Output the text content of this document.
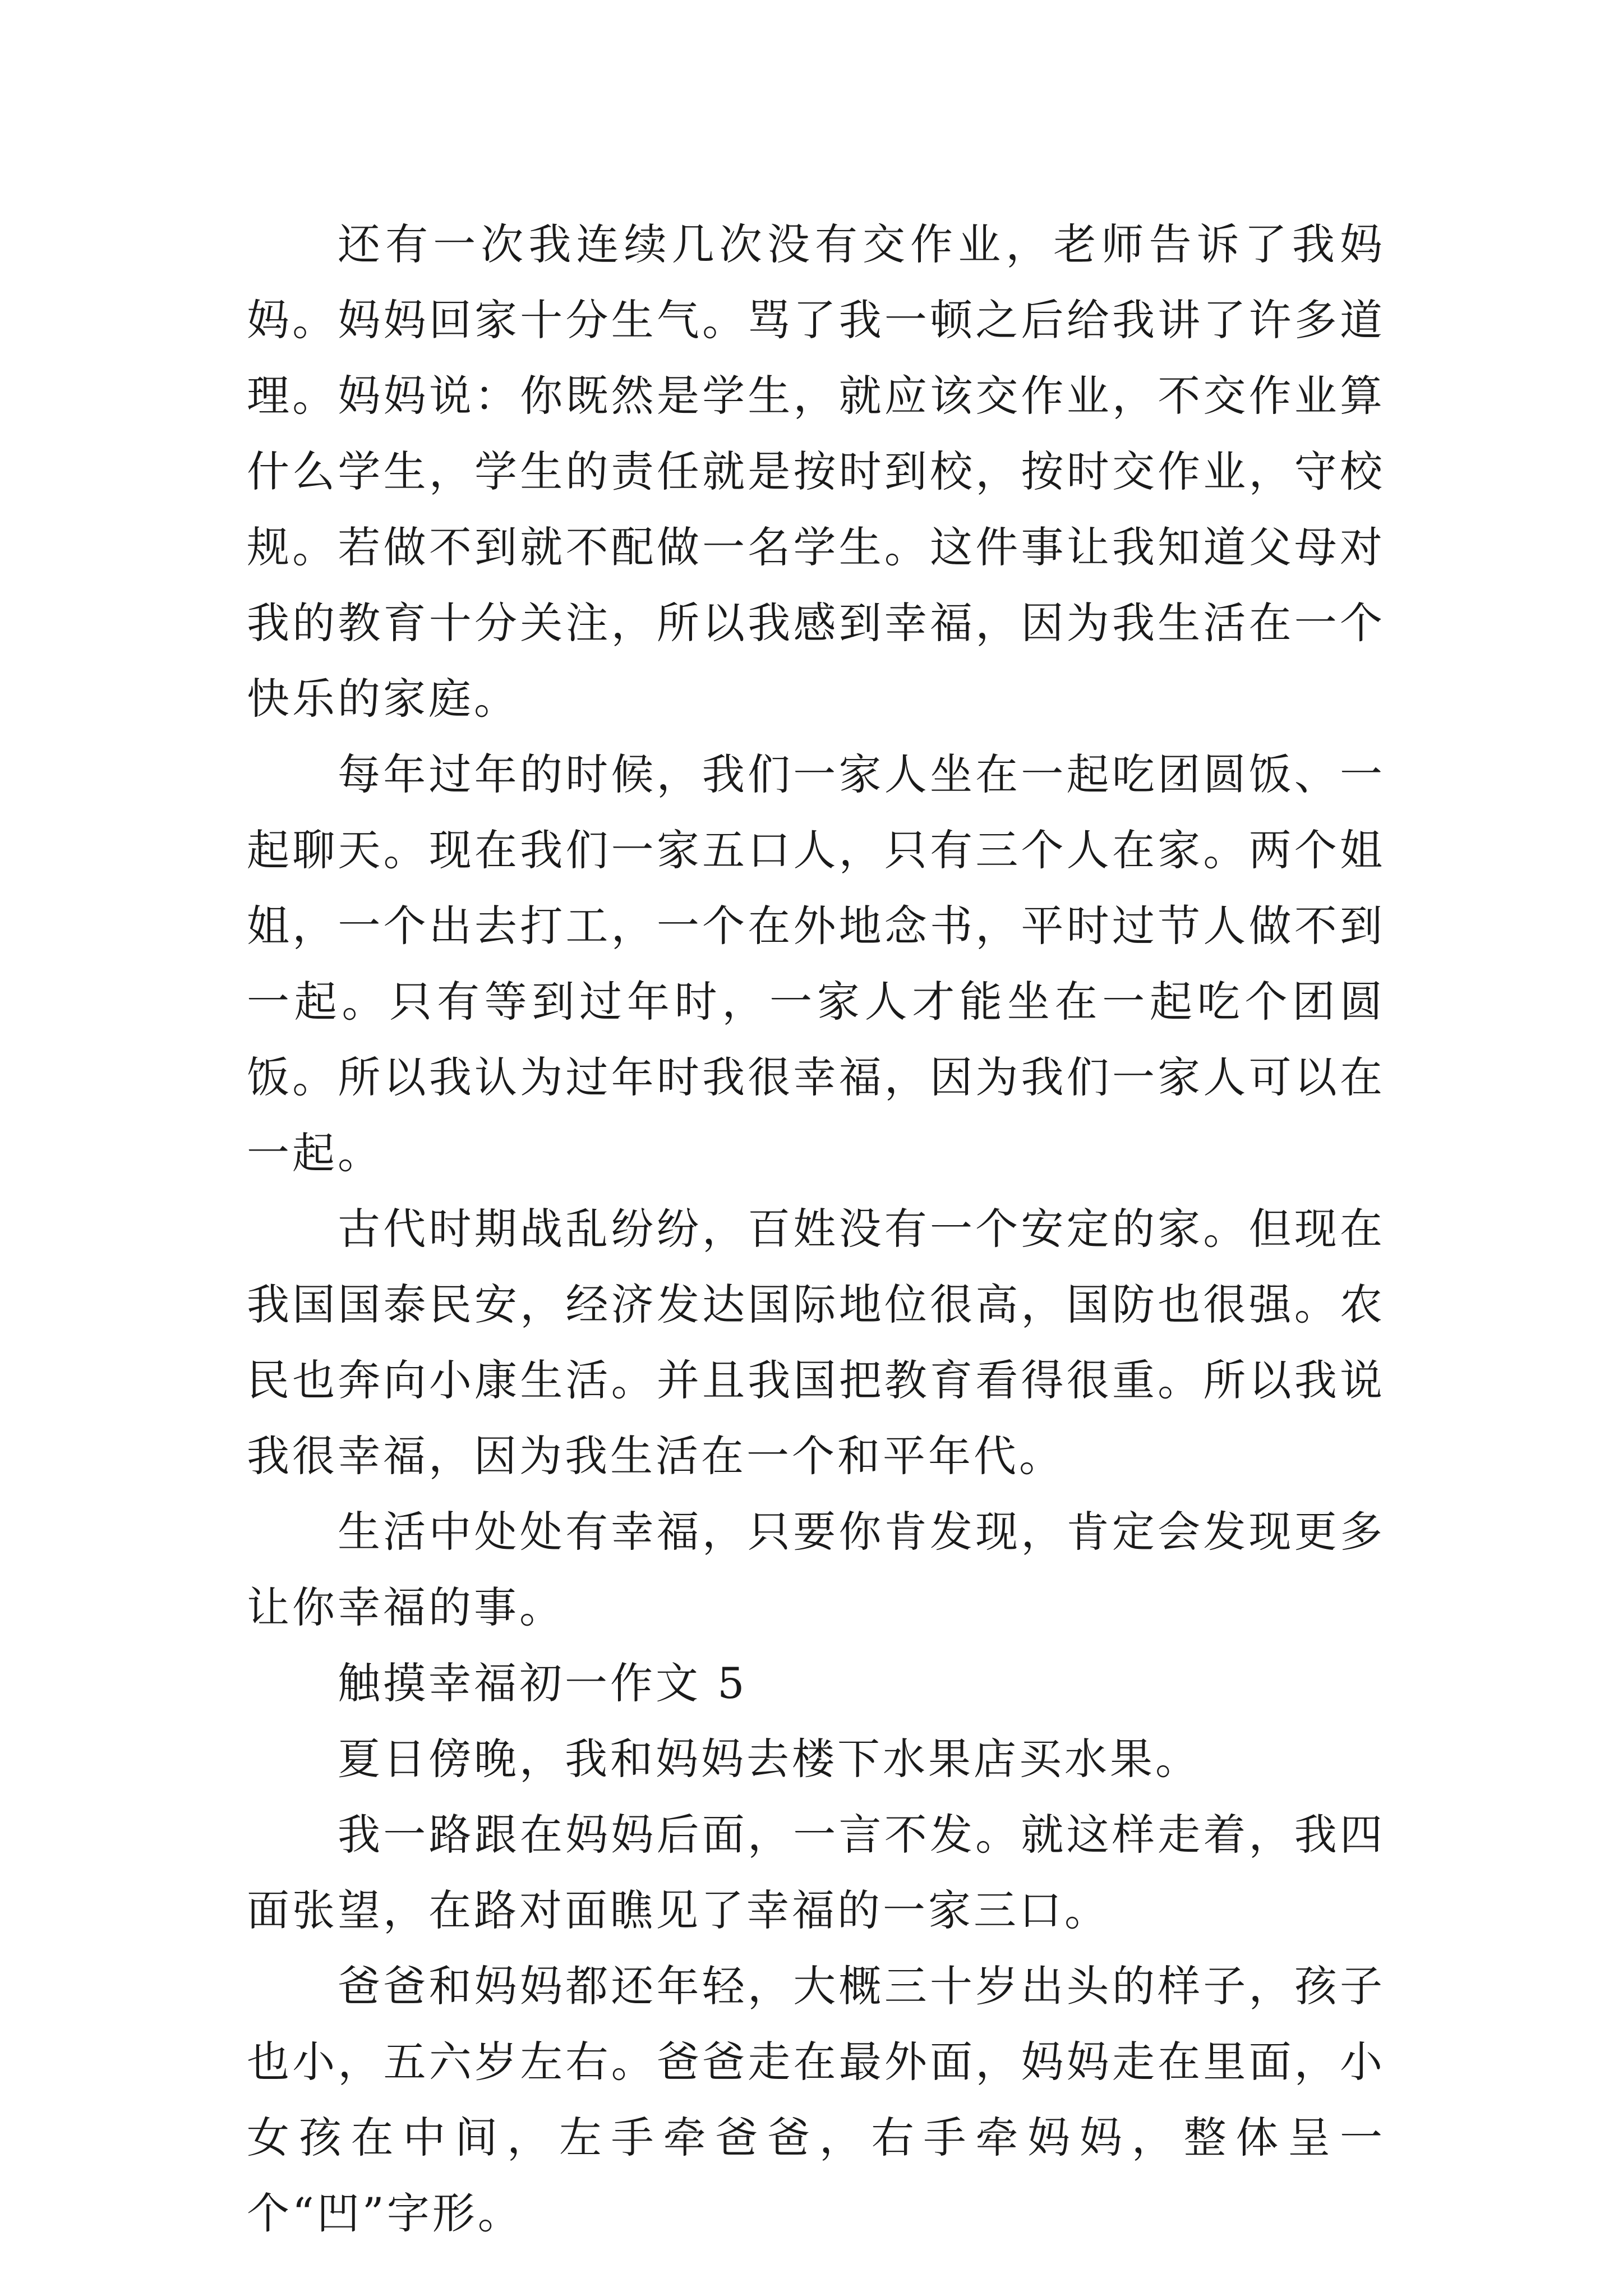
还有一次我连续几次没有交作业，老师告诉了我妈妈。妈妈回家十分生气。骂了我一顿之后给我讲了许多道理。妈妈说：你既然是学生，就应该交作业，不交作业算什么学生，学生的责任就是按时到校，按时交作业，守校规。若做不到就不配做一名学生。这件事让我知道父母对我的教育十分关注，所以我感到幸福，因为我生活在一个快乐的家庭。

每年过年的时候，我们一家人坐在一起吃团圆饭、一起聊天。现在我们一家五口人，只有三个人在家。两个姐姐，一个出去打工，一个在外地念书，平时过节人做不到一起。只有等到过年时，一家人才能坐在一起吃个团圆饭。所以我认为过年时我很幸福，因为我们一家人可以在一起。

古代时期战乱纷纷，百姓没有一个安定的家。但现在我国国泰民安，经济发达国际地位很高，国防也很强。农民也奔向小康生活。并且我国把教育看得很重。所以我说我很幸福，因为我生活在一个和平年代。

生活中处处有幸福，只要你肯发现，肯定会发现更多让你幸福的事。

触摸幸福初一作文 5

夏日傍晚，我和妈妈去楼下水果店买水果。

我一路跟在妈妈后面，一言不发。就这样走着，我四面张望，在路对面瞧见了幸福的一家三口。

爸爸和妈妈都还年轻，大概三十岁出头的样子，孩子也小，五六岁左右。爸爸走在最外面，妈妈走在里面，小女孩在中间，左手牵爸爸，右手牵妈妈，整体呈一个“凹”字形。
